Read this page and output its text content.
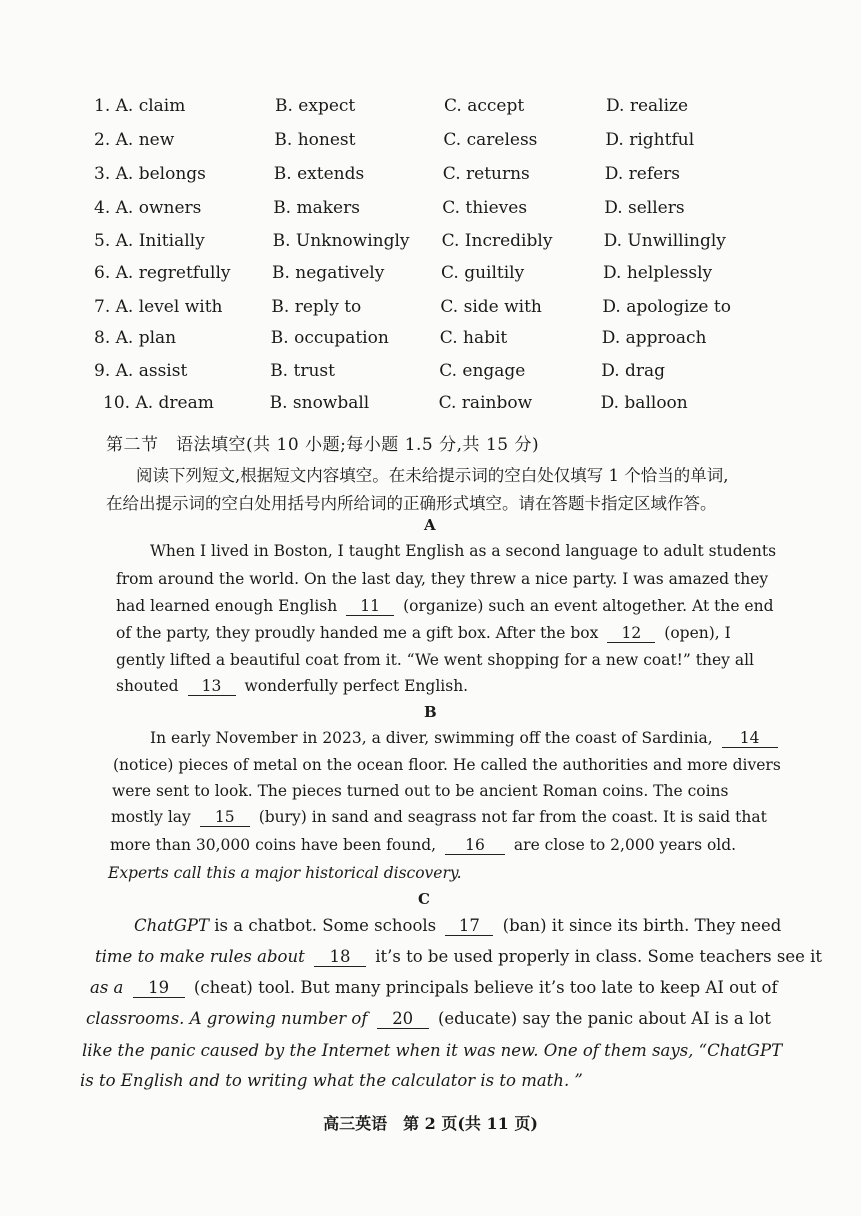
1. A. claim	B. expect	C. accept	D. realize
2. A. new	B. honest	C. careless	D. rightful
3. A. belongs	B. extends	C. returns	D. refers
4. A. owners	B. makers	C. thieves	D. sellers
5. A. Initially	B. Unknowingly C. Incredibly	D. Unwillingly
6. A. regretfully B. negatively	C. guiltily	D. helplessly
7. A. level with	B. reply to	C. side with	D. apologize to
8. A. plan	B. occupation	C. habit	D. approach
9. A. assist	B. trust	C. engage	D. drag
10. A. dream	B. snowball	C. rainbow	D. balloon
第二节　语法填空(共 10 小题;每小题 1.5 分,共 15 分)
阅读下列短文,根据短文内容填空。在未给提示词的空白处仅填写 1 个恰当的单词,
在给出提示词的空白处用括号内所给词的正确形式填空。请在答题卡指定区域作答。
A
When I lived in Boston, I taught English as a second language to adult students
from around the world. On the last day, they threw a nice party. I was amazed they
had learned enough English 11 (organize) such an event altogether. At the end
of the party, they proudly handed me a gift box. After the box 12 (open), I
gently lifted a beautiful coat from it. “We went shopping for a new coat!” they all
shouted 13 wonderfully perfect English.
B
In early November in 2023, a diver, swimming off the coast of Sardinia, 14
(notice) pieces of metal on the ocean floor. He called the authorities and more divers
were sent to look. The pieces turned out to be ancient Roman coins. The coins
mostly lay 15 (bury) in sand and seagrass not far from the coast. It is said that
more than 30,000 coins have been found, 16 are close to 2,000 years old.
Experts call this a major historical discovery.
C
ChatGPT is a chatbot. Some schools 17 (ban) it since its birth. They need
time to make rules about 18 it’s to be used properly in class. Some teachers see it
as a 19 (cheat) tool. But many principals believe it’s too late to keep AI out of
classrooms. A growing number of 20 (educate) say the panic about AI is a lot
like the panic caused by the Internet when it was new. One of them says, “ChatGPT
is to English and to writing what the calculator is to math. ”
高三英语　第 2 页(共 11 页)
